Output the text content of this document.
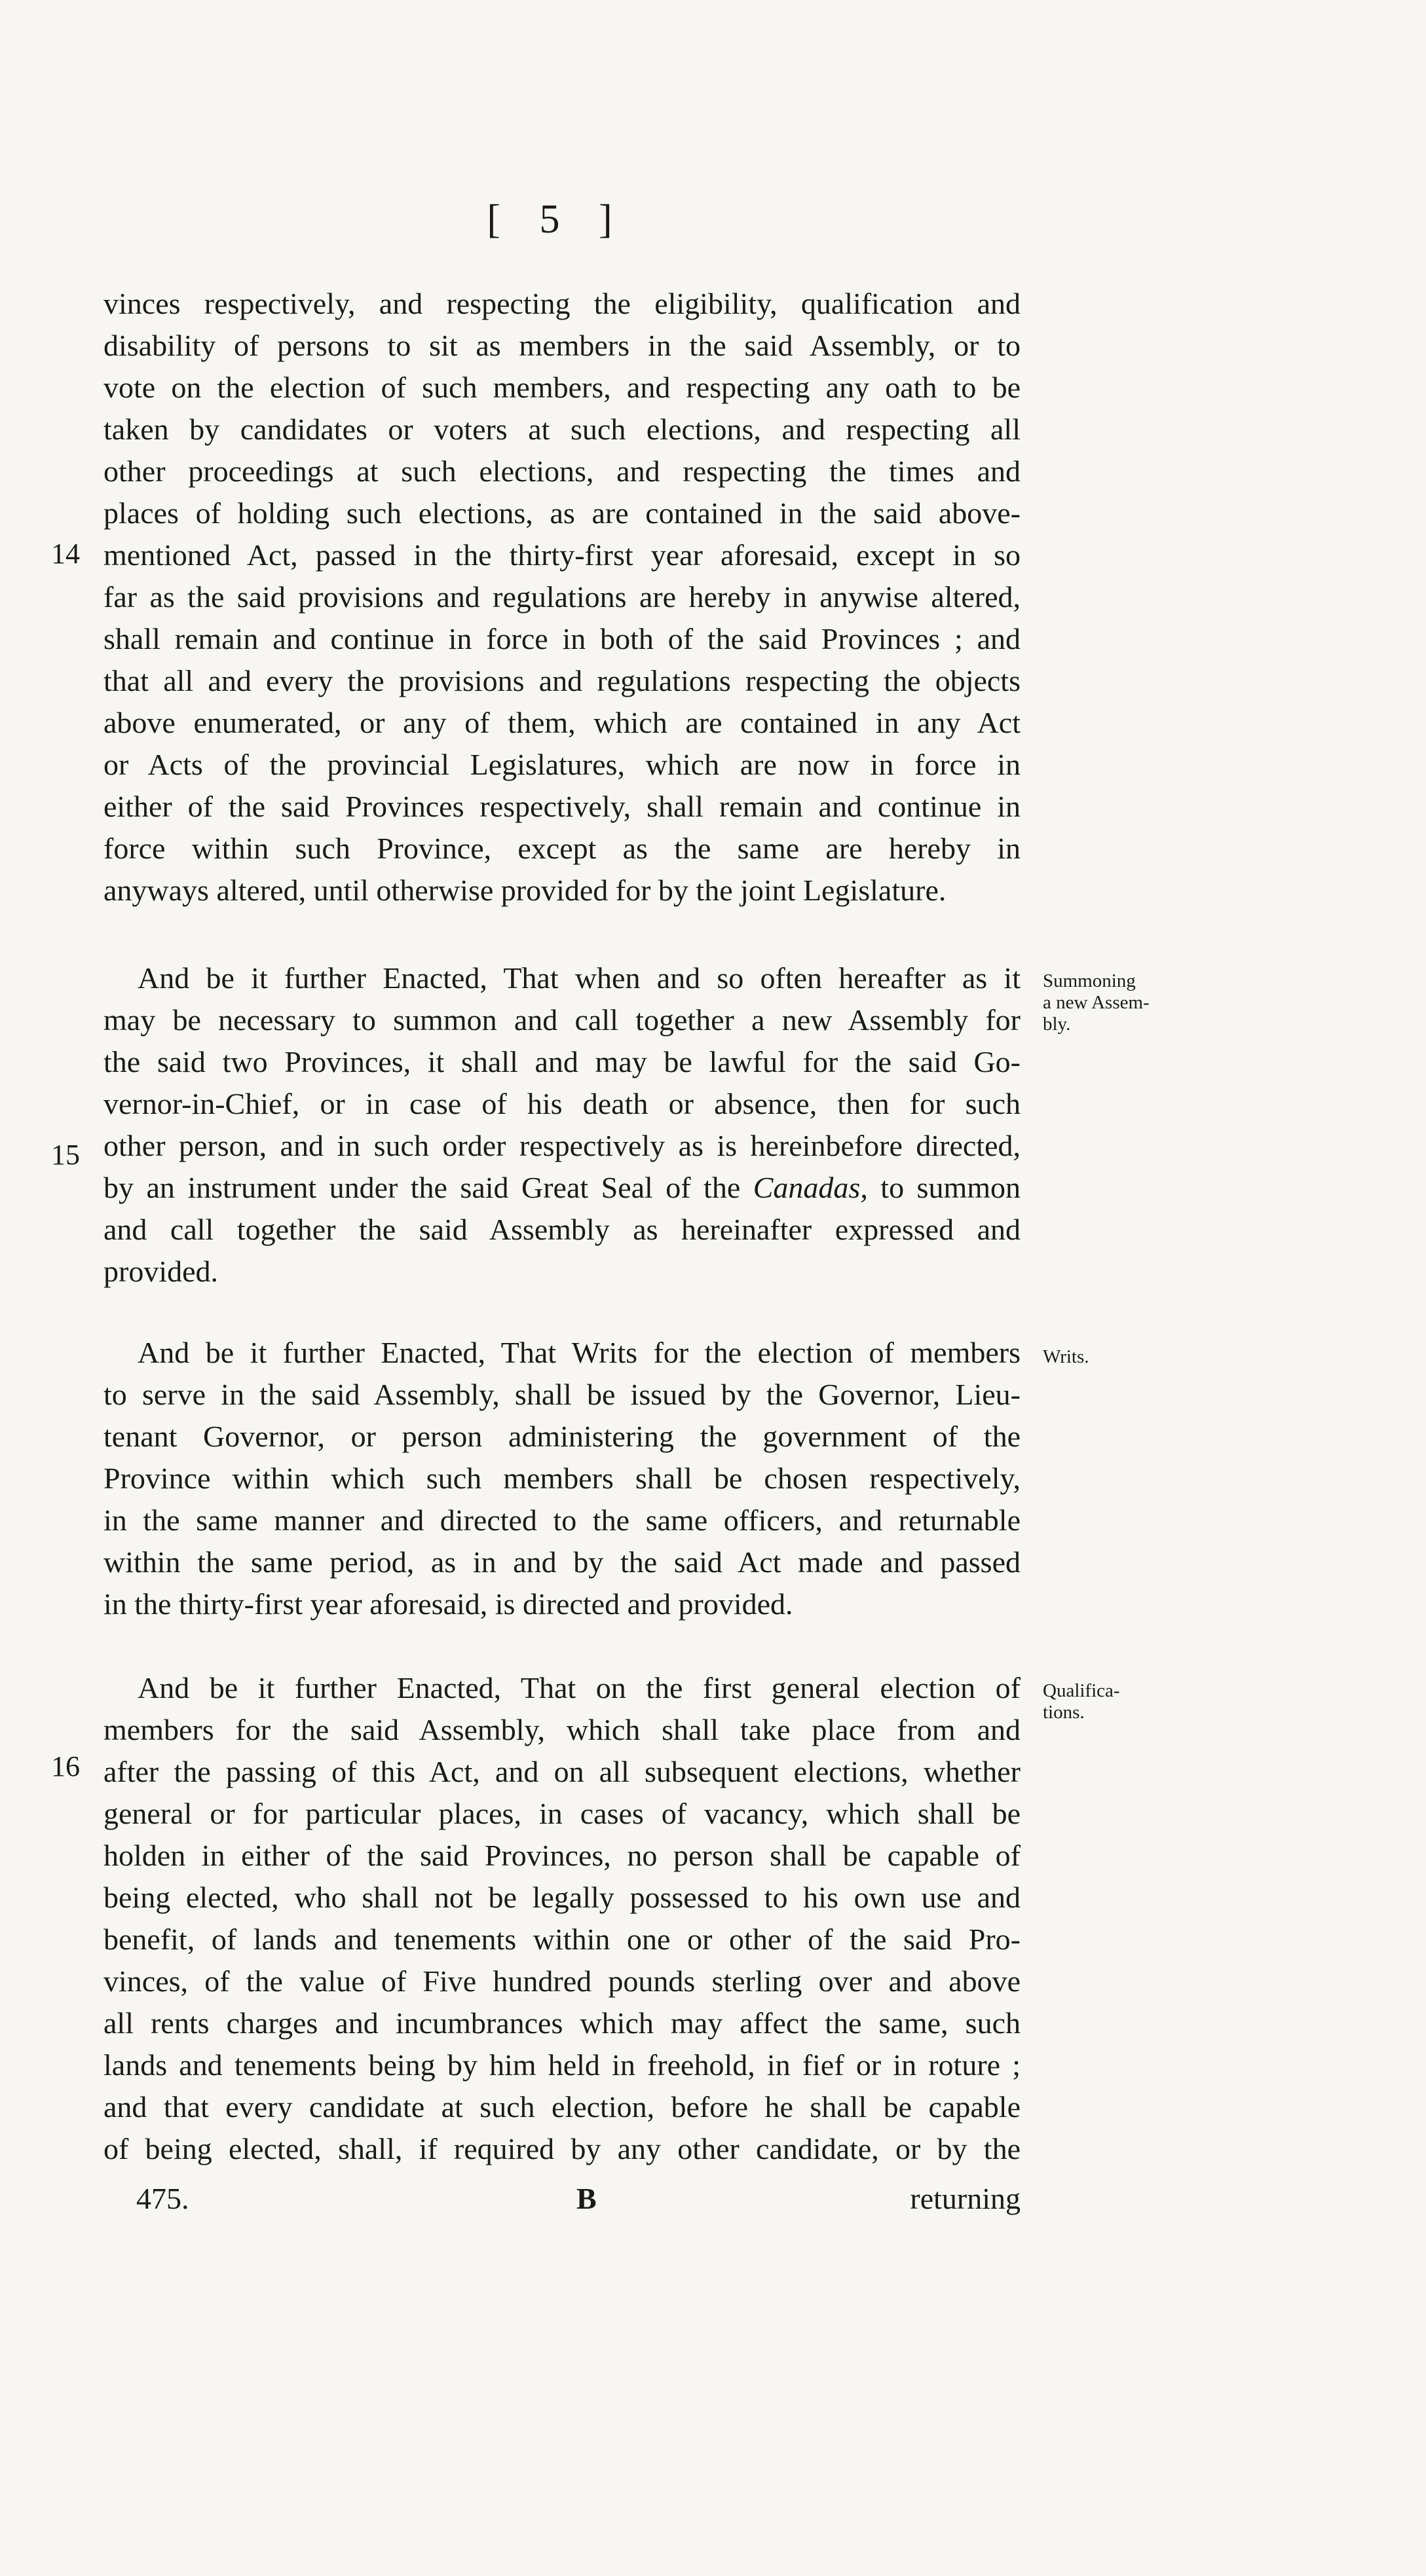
[ 5 ]
vinces respectively, and respecting the eligibility, qualification and
disability of persons to sit as members in the said Assembly, or to
vote on the election of such members, and respecting any oath to be
taken by candidates or voters at such elections, and respecting all
other proceedings at such elections, and respecting the times and
places of holding such elections, as are contained in the said above-
mentioned Act, passed in the thirty-first year aforesaid, except in so
far as the said provisions and regulations are hereby in anywise altered,
shall remain and continue in force in both of the said Provinces ; and
that all and every the provisions and regulations respecting the objects
above enumerated, or any of them, which are contained in any Act
or Acts of the provincial Legislatures, which are now in force in
either of the said Provinces respectively, shall remain and continue in
force within such Province, except as the same are hereby in
anyways altered, until otherwise provided for by the joint Legislature.
And be it further Enacted, That when and so often hereafter as it
may be necessary to summon and call together a new Assembly for
the said two Provinces, it shall and may be lawful for the said Go-
vernor-in-Chief, or in case of his death or absence, then for such
other person, and in such order respectively as is hereinbefore directed,
by an instrument under the said Great Seal of the Canadas, to summon
and call together the said Assembly as hereinafter expressed and
provided.
And be it further Enacted, That Writs for the election of members
to serve in the said Assembly, shall be issued by the Governor, Lieu-
tenant Governor, or person administering the government of the
Province within which such members shall be chosen respectively,
in the same manner and directed to the same officers, and returnable
within the same period, as in and by the said Act made and passed
in the thirty-first year aforesaid, is directed and provided.
And be it further Enacted, That on the first general election of
members for the said Assembly, which shall take place from and
after the passing of this Act, and on all subsequent elections, whether
general or for particular places, in cases of vacancy, which shall be
holden in either of the said Provinces, no person shall be capable of
being elected, who shall not be legally possessed to his own use and
benefit, of lands and tenements within one or other of the said Pro-
vinces, of the value of Five hundred pounds sterling over and above
all rents charges and incumbrances which may affect the same, such
lands and tenements being by him held in freehold, in fief or in roture ;
and that every candidate at such election, before he shall be capable
of being elected, shall, if required by any other candidate, or by the
14
15
16
Summoning
a new Assem-
bly.
Writs.
Qualifica-
tions.
475.	B	returning
